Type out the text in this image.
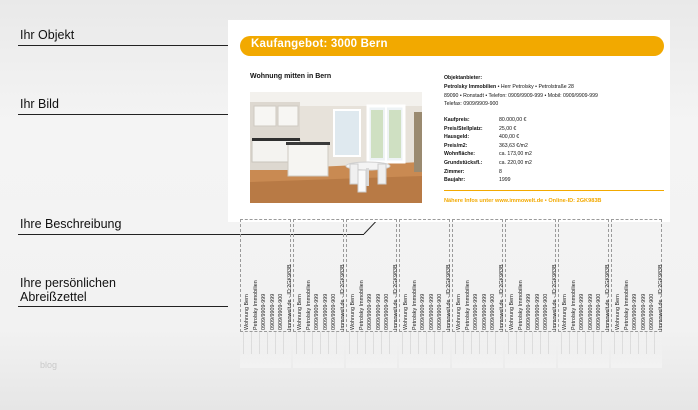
Ihr Objekt
Ihr Bild
Ihre Beschreibung
Ihre persönlichen
Abreißzettel
Kaufangebot: 3000 Bern
Wohnung mitten in Bern	Objektanbieter:
Petrolsky Immobilien • Herr Petrolsky • Petrolstraße 28
89090 • Ronstadt • Telefon: 0909/9909-999 • Mobil: 0909/9909-999
Telefax: 0909/9909-900
Kaufpreis:	80.000,00 €
Preis/Stellplatz:	25,00 €
Hausgeld:	400,00 €
Preis/m2:	363,63 €/m2
Wohnfläche:	ca. 173,00 m2
Grundstücksfl.:	ca. 220,00 m2
Zimmer:	8
Baujahr:	1999
Nähere Infos unter www.immowelt.de • Online-ID: 2GK983B
Wohnung Bern Petrolsky Immobilien 0909/9909-999 0909/9909-999 0909/9909-900 Immowelt.de - ID:2GK983B Wohnung Bern Petrolsky Immobilien 0909/9909-999 0909/9909-999 0909/9909-900 Immowelt.de - ID:2GK983B Wohnung Bern Petrolsky Immobilien 0909/9909-999 0909/9909-999 0909/9909-900 Immowelt.de - ID:2GK983B Wohnung Bern Petrolsky Immobilien 0909/9909-999 0909/9909-999 0909/9909-900 Immowelt.de - ID:2GK983B Wohnung Bern Petrolsky Immobilien 0909/9909-999 0909/9909-999 0909/9909-900 Immowelt.de - ID:2GK983B Wohnung Bern Petrolsky Immobilien 0909/9909-999 0909/9909-999 0909/9909-900 Immowelt.de - ID:2GK983B Wohnung Bern Petrolsky Immobilien 0909/9909-999 0909/9909-999 0909/9909-900 Immowelt.de - ID:2GK983B Wohnung Bern Petrolsky Immobilien 0909/9909-999 0909/9909-999 0909/9909-900 Immowelt.de - ID:2GK983B
blog
